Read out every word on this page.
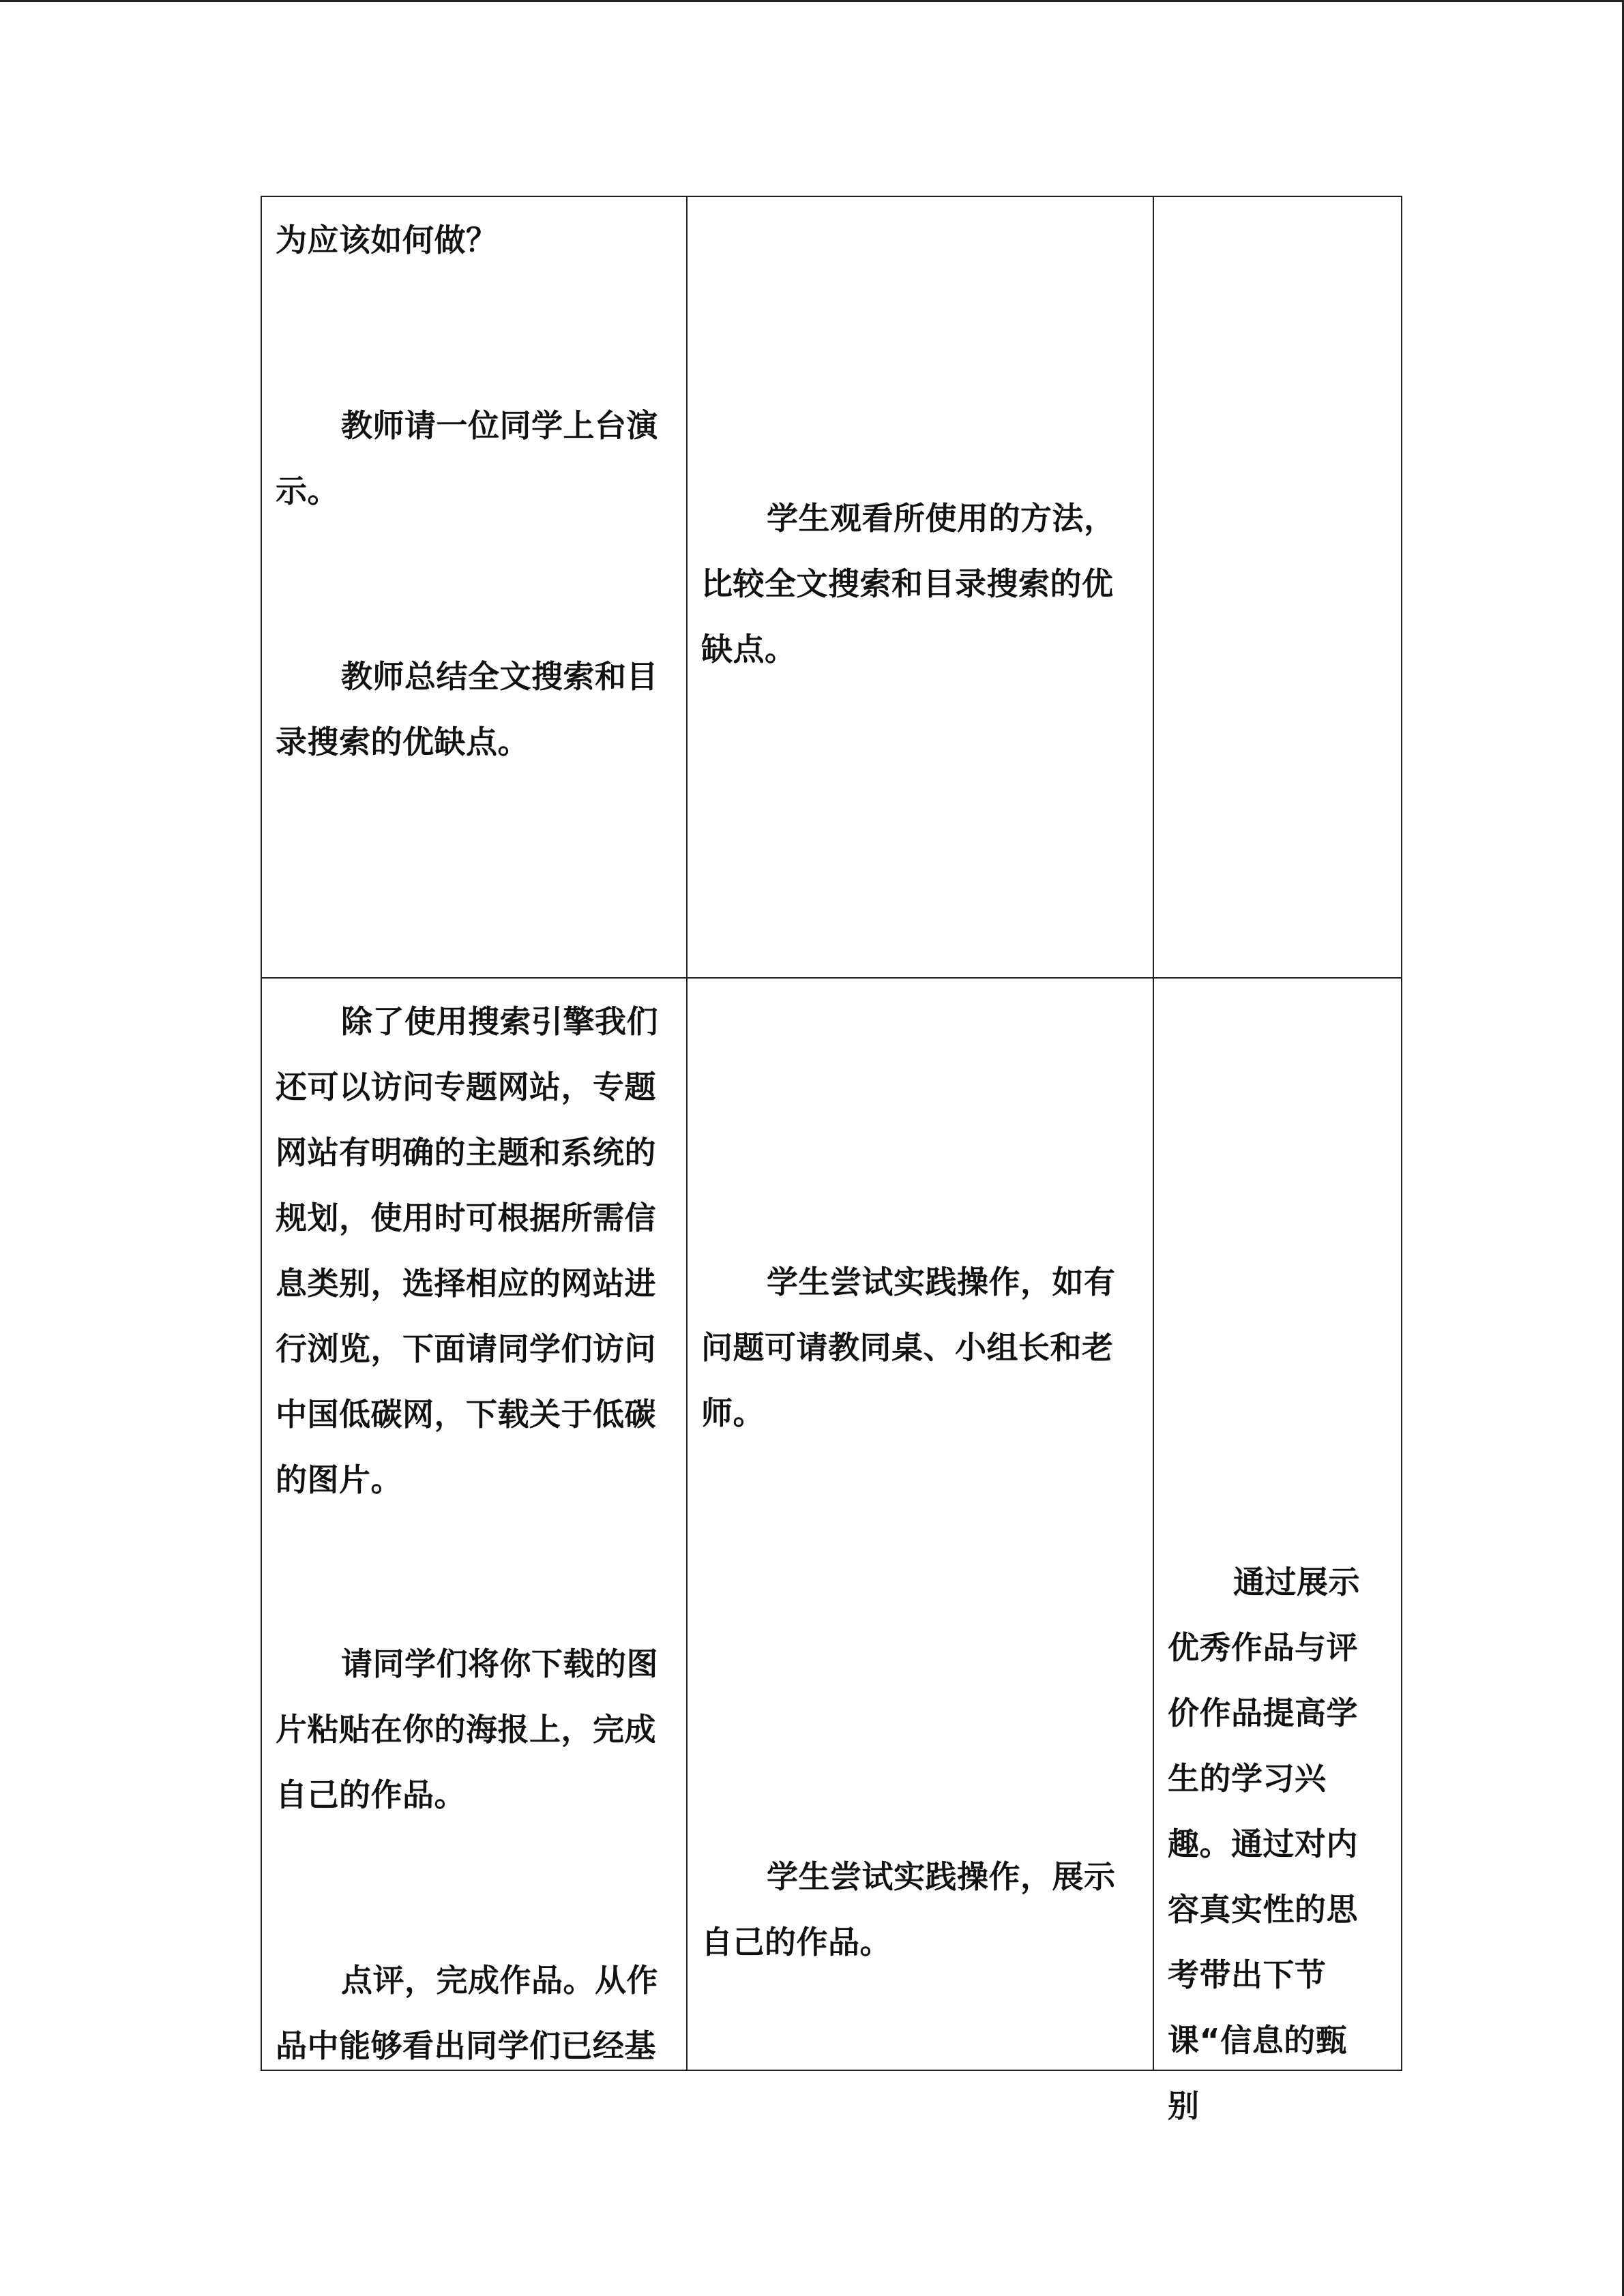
为应该如何做？

教师请一位同学上台演示。

教师总结全文搜索和目录搜索的优缺点。

学生观看所使用的方法，比较全文搜索和目录搜索的优缺点。

除了使用搜索引擎我们还可以访问专题网站，专题网站有明确的主题和系统的规划，使用时可根据所需信息类别，选择相应的网站进行浏览，下面请同学们访问中国低碳网，下载关于低碳的图片。

请同学们将你下载的图片粘贴在你的海报上，完成自己的作品。

点评，完成作品。从作品中能够看出同学们已经基

学生尝试实践操作，如有问题可请教同桌、小组长和老师。

学生尝试实践操作，展示自己的作品。

通过展示优秀作品与评价作品提高学生的学习兴趣。通过对内容真实性的思考带出下节课“信息的甄别
